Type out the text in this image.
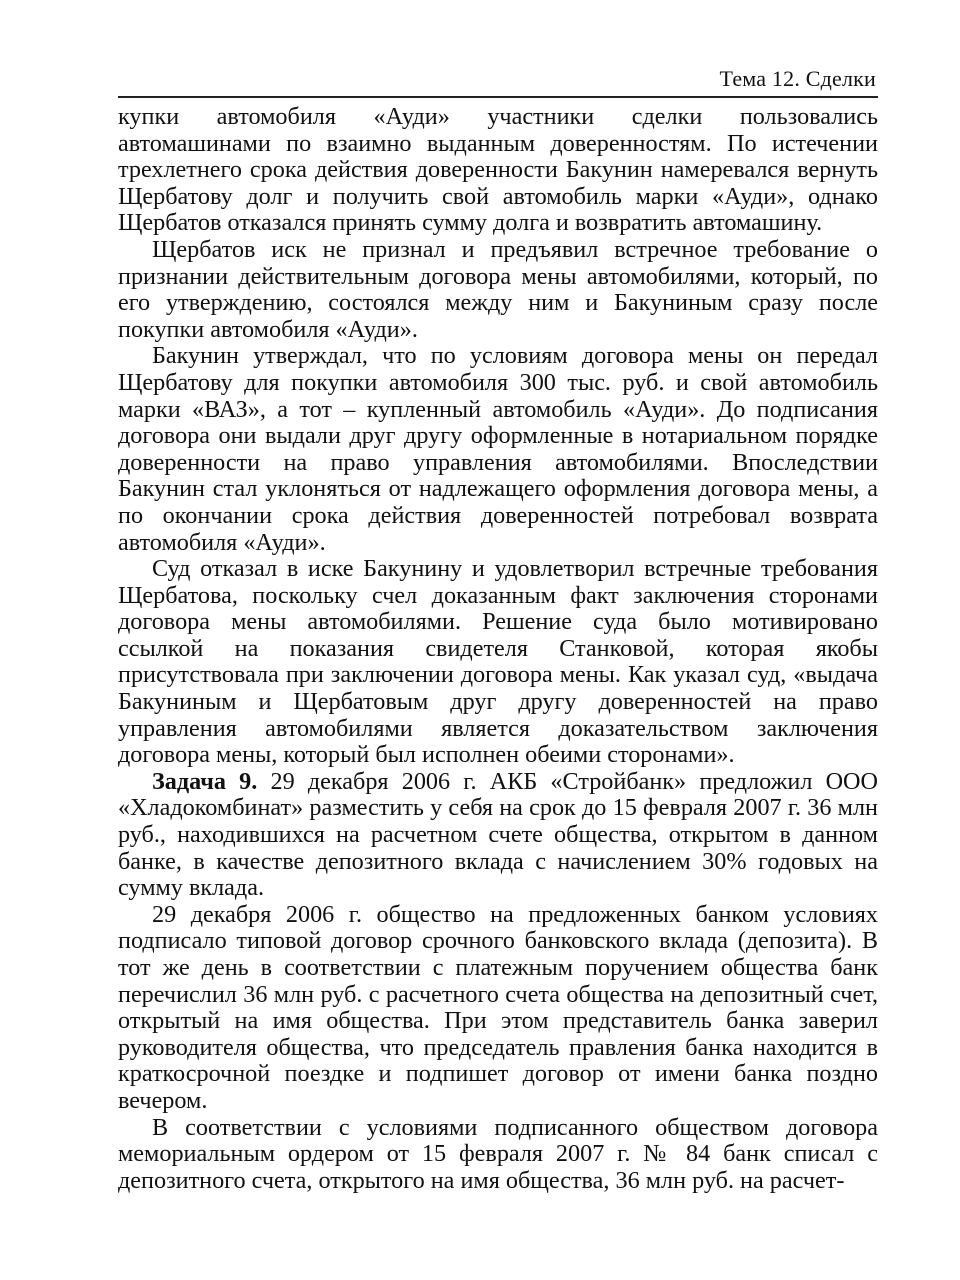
Тема 12. Сделки

купки автомобиля «Ауди» участники сделки пользовались автомашинами по взаимно выданным доверенностям. По истечении трехлетнего срока действия доверенности Бакунин намеревался вернуть Щербатову долг и получить свой автомобиль марки «Ауди», однако Щербатов отказался принять сумму долга и возвратить автомашину.

Щербатов иск не признал и предъявил встречное требование о признании действительным договора мены автомобилями, который, по его утверждению, состоялся между ним и Бакуниным сразу после покупки автомобиля «Ауди».

Бакунин утверждал, что по условиям договора мены он передал Щербатову для покупки автомобиля 300 тыс. руб. и свой автомобиль марки «ВАЗ», а тот – купленный автомобиль «Ауди». До подписания договора они выдали друг другу оформленные в нотариальном порядке доверенности на право управления автомобилями. Впоследствии Бакунин стал уклоняться от надлежащего оформления договора мены, а по окончании срока действия доверенностей потребовал возврата автомобиля «Ауди».

Суд отказал в иске Бакунину и удовлетворил встречные требования Щербатова, поскольку счел доказанным факт заключения сторонами договора мены автомобилями. Решение суда было мотивировано ссылкой на показания свидетеля Станковой, которая якобы присутствовала при заключении договора мены. Как указал суд, «выдача Бакуниным и Щербатовым друг другу доверенностей на право управления автомобилями является доказательством заключения договора мены, который был исполнен обеими сторонами».

Задача 9. 29 декабря 2006 г. АКБ «Стройбанк» предложил ООО «Хладокомбинат» разместить у себя на срок до 15 февраля 2007 г. 36 млн руб., находившихся на расчетном счете общества, открытом в данном банке, в качестве депозитного вклада с начислением 30% годовых на сумму вклада.

29 декабря 2006 г. общество на предложенных банком условиях подписало типовой договор срочного банковского вклада (депозита). В тот же день в соответствии с платежным поручением общества банк перечислил 36 млн руб. с расчетного счета общества на депозитный счет, открытый на имя общества. При этом представитель банка заверил руководителя общества, что председатель правления банка находится в краткосрочной поездке и подпишет договор от имени банка поздно вечером.

В соответствии с условиями подписанного обществом договора мемориальным ордером от 15 февраля 2007 г. № 84 банк списал с депозитного счета, открытого на имя общества, 36 млн руб. на расчет-
